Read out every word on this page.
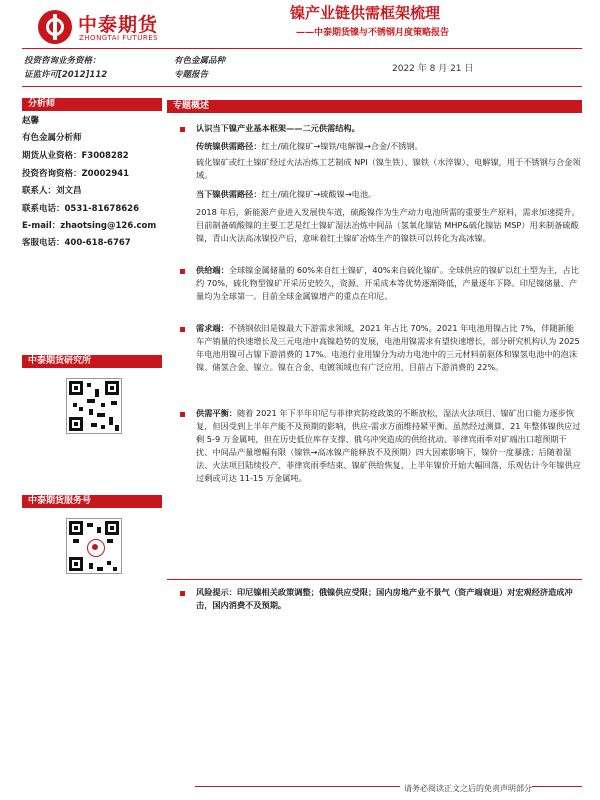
中泰期货
ZHONGTAI FUTURES
镍产业链供需框架梳理
——中泰期货镍与不锈钢月度策略报告
投资咨询业务资格：
证监许可[2012]112
有色金属品种
专题报告
2022 年 8 月 21 日
分析师
赵馨
有色金属分析师
期货从业资格：F3008282
投资咨询资格：Z0002941
联系人：刘文昌
联系电话：0531-81678626
E-mail：zhaotsing@126.com
客服电话：400-618-6767
中泰期货研究所
中泰期货服务号
专题概述
认识当下镍产业基本框架——二元供需结构。
传统镍供需路径：红土/硫化镍矿→镍铁/电解镍→合金/不锈钢。
硫化镍矿或红土镍矿经过火法冶炼工艺制成 NPI（镍生铁）、镍铁（水淬镍）、电解镍，用于不锈钢与合金领域。
当下镍供需路径：红土/硫化镍矿→硫酸镍→电池。
2018 年后，新能源产业进入发展快车道，硫酸镍作为生产动力电池所需的重要生产原料，需求加速提升。目前制备硫酸镍的主要工艺是红土镍矿湿法冶炼中间品（氢氧化镍钴 MHP&硫化镍钴 MSP）用来制备硫酸镍，青山火法高冰镍投产后，意味着红土镍矿冶炼生产的镍铁可以转化为高冰镍。
供给端：全球镍金属储量的 60%来自红土镍矿，40%来自硫化镍矿。全球供应的镍矿以红土型为主，占比约 70%，硫化物型镍矿开采历史较久，资源、开采成本等优势逐渐降低，产量逐年下降。印尼镍储量、产量均为全球第一。目前全球金属镍增产的重点在印尼。
需求端：不锈钢依旧是镍最大下游需求领域，2021 年占比 70%。2021 年电池用镍占比 7%，伴随新能车产销量的快速增长及三元电池中高镍趋势的发展，电池用镍需求有望快速增长，部分研究机构认为 2025 年电池用镍可占镍下游消费的 17%。电池行业用镍分为动力电池中的三元材料前驱体和镍氢电池中的泡沫镍、储氢合金、镍立。镍在合金、电镀领域也有广泛应用，目前占下游消费的 22%。
供需平衡：随着 2021 年下半年印尼与菲律宾防疫政策的不断放松，湿法火法项目、镍矿出口能力逐步恢复，但因受到上半年产能不及预期的影响，供应-需求方面维持紧平衡。虽然经过测算，21 年整体镍供应过剩 5-9 万金属吨，但在历史低位库存支撑、俄乌冲突造成的供给扰动、菲律宾雨季对矿端出口超预期干扰、中间品产量增幅有限（镍铁→高冰镍产能释放不及预期）四大因素影响下，镍价一度暴涨；后随着湿法、火法项目陆续投产、菲律宾雨季结束、镍矿供给恢复，上半年镍价开始大幅回落，乐观估计今年镍供应过剩或可达 11-15 万金属吨。
风险提示：印尼镍相关政策调整；俄镍供应受限；国内房地产业不景气（资产端衰退）对宏观经济造成冲击，国内消费不及预期。
请务必阅读正文之后的免责声明部分
